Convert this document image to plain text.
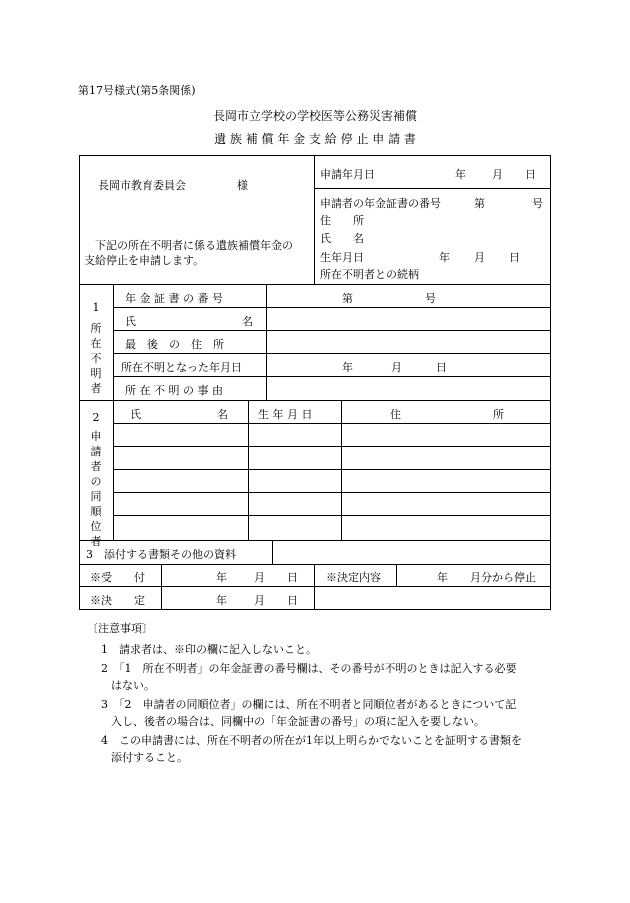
第17号様式(第5条関係)
長岡市立学校の学校医等公務災害補償
遺 族 補 償 年 金 支 給 停 止 申 請 書
長岡市教育委員会	様
下記の所在不明者に係る遺族補償年金の
支給停止を申請します。
申請年月日	年 月 日
申請者の年金証書の番号	第	号
住　　所
氏　　名
生年月日	年 月 日
所在不明者との続柄
1
所
在
不
明
者
年 金 証 書 の 番 号	第	号
氏	名
最　後　の　住　所
所在不明となった年月日	年	月	日
所 在 不 明 の 事 由
2
申
請
者
の
同
順
位
者
氏	名	生 年 月 日	住	所
3　添付する書類その他の資料
※受　　付	年 月 日	※決定内容	年　　月分から停止
※決　　定	年 月 日
〔注意事項〕
1　請求者は、※印の欄に記入しないこと。
2　「1　所在不明者」の年金証書の番号欄は、その番号が不明のときは記入する必要
はない。
3　「2　申請者の同順位者」の欄には、所在不明者と同順位者があるときについて記
入し、後者の場合は、同欄中の「年金証書の番号」の項に記入を要しない。
4　この申請書には、所在不明者の所在が1年以上明らかでないことを証明する書類を
添付すること。
